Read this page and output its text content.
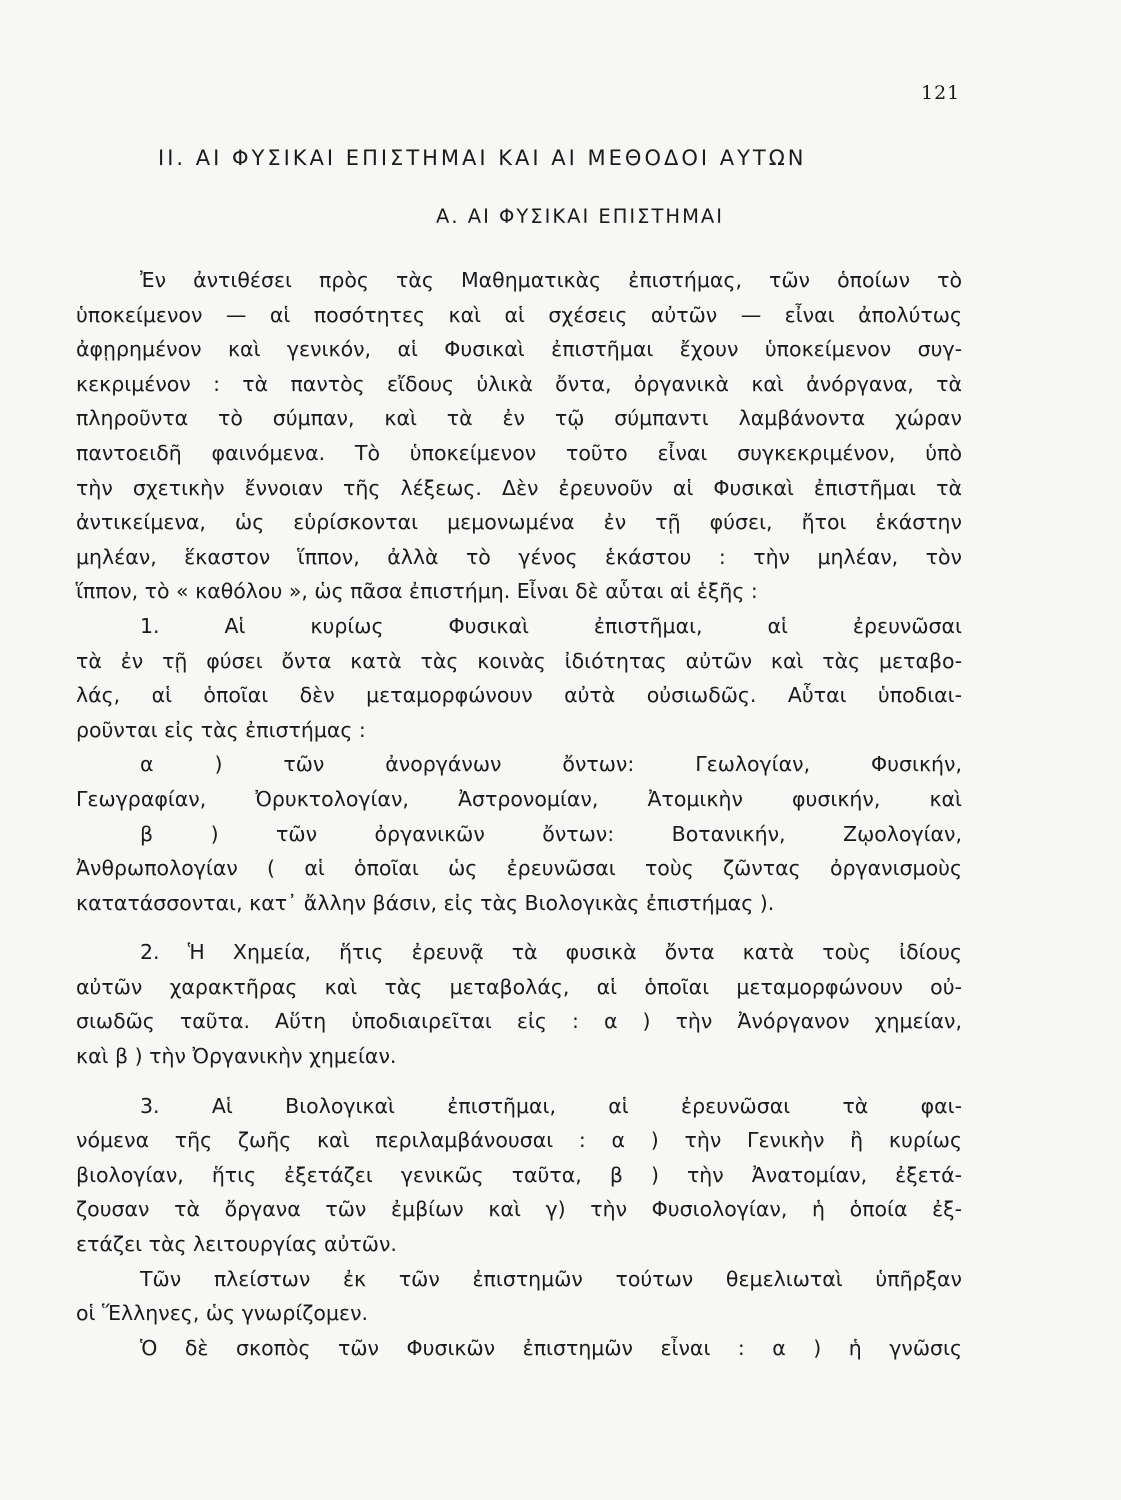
121
ΙΙ. ΑΙ ΦΥΣΙΚΑΙ ΕΠΙΣΤΗΜΑΙ ΚΑΙ ΑΙ ΜΕΘΟΔΟΙ ΑΥΤΩΝ
Α. ΑΙ ΦΥΣΙΚΑΙ ΕΠΙΣΤΗΜΑΙ
Ἐν ἀντιθέσει πρὸς τὰς Μαθηματικὰς ἐπιστήμας, τῶν ὁποίων τὸ
ὑποκείμενον — αἱ ποσότητες καὶ αἱ σχέσεις αὐτῶν — εἶναι ἀπολύτως
ἀφῃρημένον καὶ γενικόν, αἱ Φυσικαὶ ἐπιστῆμαι ἔχουν ὑποκείμενον συγ-
κεκριμένον : τὰ παντὸς εἴδους ὑλικὰ ὄντα, ὀργανικὰ καὶ ἀνόργανα, τὰ
πληροῦντα τὸ σύμπαν, καὶ τὰ ἐν τῷ σύμπαντι λαμβάνοντα χώραν
παντοειδῆ φαινόμενα. Τὸ ὑποκείμενον τοῦτο εἶναι συγκεκριμένον, ὑπὸ
τὴν σχετικὴν ἔννοιαν τῆς λέξεως. Δὲν ἐρευνοῦν αἱ Φυσικαὶ ἐπιστῆμαι τὰ
ἀντικείμενα, ὡς εὑρίσκονται μεμονωμένα ἐν τῇ φύσει, ἤτοι ἑκάστην
μηλέαν, ἕκαστον ἵππον, ἀλλὰ τὸ γένος ἑκάστου : τὴν μηλέαν, τὸν
ἵππον, τὸ « καθόλου », ὡς πᾶσα ἐπιστήμη. Εἶναι δὲ αὗται αἱ ἑξῆς :
1. Αἱ κυρίως Φυσικαὶ ἐπιστῆμαι, αἱ ἐρευνῶσαι
τὰ ἐν τῇ φύσει ὄντα κατὰ τὰς κοινὰς ἰδιότητας αὐτῶν καὶ τὰς μεταβο-
λάς, αἱ ὁποῖαι δὲν μεταμορφώνουν αὐτὰ οὐσιωδῶς. Αὗται ὑποδιαι-
ροῦνται εἰς τὰς ἐπιστήμας :
α ) τῶν ἀνοργάνων ὄντων: Γεωλογίαν, Φυσικήν,
Γεωγραφίαν, Ὀρυκτολογίαν, Ἀστρονομίαν, Ἀτομικὴν φυσικήν, καὶ
β ) τῶν ὀργανικῶν ὄντων: Βοτανικήν, Ζῳολογίαν,
Ἀνθρωπολογίαν ( αἱ ὁποῖαι ὡς ἐρευνῶσαι τοὺς ζῶντας ὀργανισμοὺς
κατατάσσονται, κατ᾽ ἄλλην βάσιν, εἰς τὰς Βιολογικὰς ἐπιστήμας ).
2. Ἡ Χημεία, ἥτις ἐρευνᾷ τὰ φυσικὰ ὄντα κατὰ τοὺς ἰδίους
αὐτῶν χαρακτῆρας καὶ τὰς μεταβολάς, αἱ ὁποῖαι μεταμορφώνουν οὐ-
σιωδῶς ταῦτα. Αὕτη ὑποδιαιρεῖται εἰς : α ) τὴν Ἀνόργανον χημείαν,
καὶ β ) τὴν Ὀργανικὴν χημείαν.
3. Αἱ Βιολογικαὶ ἐπιστῆμαι, αἱ ἐρευνῶσαι τὰ φαι-
νόμενα τῆς ζωῆς καὶ περιλαμβάνουσαι : α ) τὴν Γενικὴν ἢ κυρίως
βιολογίαν, ἥτις ἐξετάζει γενικῶς ταῦτα, β ) τὴν Ἀνατομίαν, ἐξετά-
ζουσαν τὰ ὄργανα τῶν ἐμβίων καὶ γ) τὴν Φυσιολογίαν, ἡ ὁποία ἐξ-
ετάζει τὰς λειτουργίας αὐτῶν.
Τῶν πλείστων ἐκ τῶν ἐπιστημῶν τούτων θεμελιωταὶ ὑπῆρξαν
οἱ Ἕλληνες, ὡς γνωρίζομεν.
Ὁ δὲ σκοπὸς τῶν Φυσικῶν ἐπιστημῶν εἶναι : α ) ἡ γνῶσις
